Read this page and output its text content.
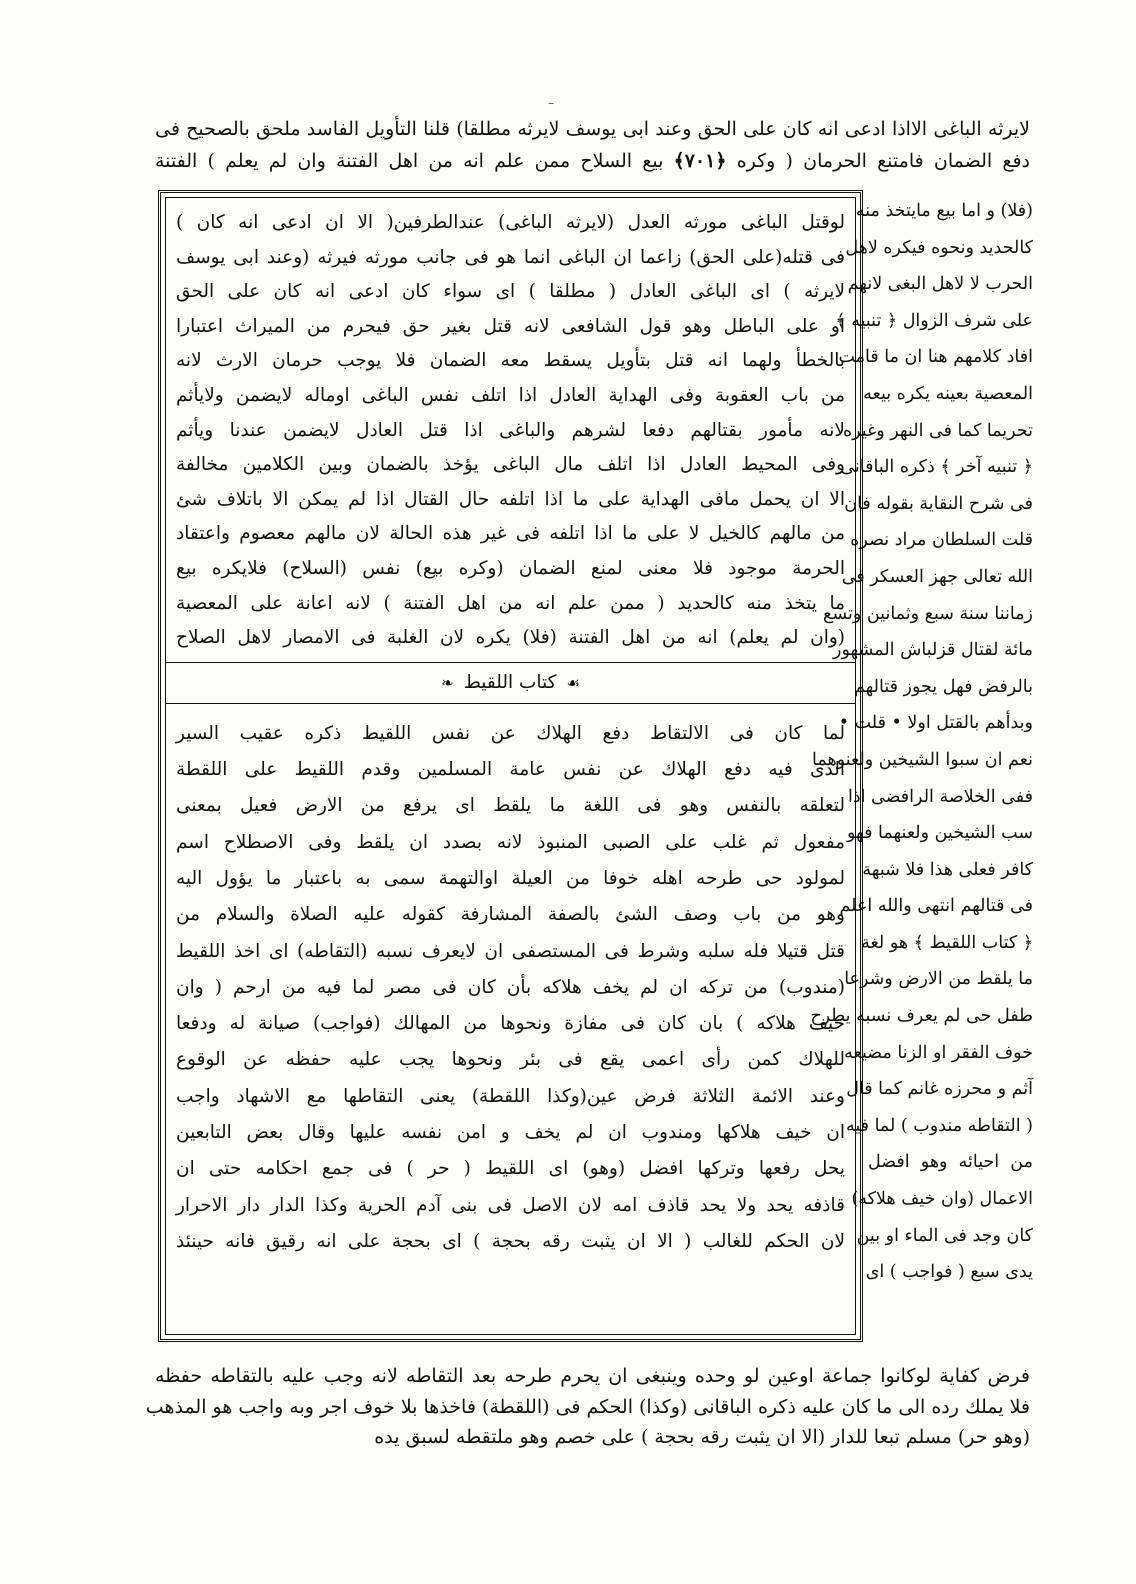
–

لايرثه الباغى الااذا ادعى انه كان على الحق وعند ابى يوسف لايرثه مطلقا) قلنا التأويل الفاسد ملحق بالصحيح فى

دفع الضمان فامتنع الحرمان ( وكره ﴿٧٠١﴾ بيع السلاح ممن علم انه من اهل الفتنة وان لم يعلم ) الفتنة

لوقتل الباغى مورثه العدل (لايرثه الباغى) عندالطرفين( الا ان ادعى انه كان )

فى قتله(على الحق) زاعما ان الباغى انما هو فى جانب مورثه فيرثه (وعند ابى يوسف

لايرثه ) اى الباغى العادل ( مطلقا ) اى سواء كان ادعى انه كان على الحق

او على الباطل وهو قول الشافعى لانه قتل بغير حق فيحرم من الميراث اعتبارا

بالخطأ ولهما انه قتل بتأويل يسقط معه الضمان فلا يوجب حرمان الارث لانه

من باب العقوبة وفى الهداية العادل اذا اتلف نفس الباغى اوماله لايضمن ولايأثم

لانه مأمور بقتالهم دفعا لشرهم والباغى اذا قتل العادل لايضمن عندنا ويأثم

وفى المحيط العادل اذا اتلف مال الباغى يؤخذ بالضمان وبين الكلامين مخالفة

الا ان يحمل مافى الهداية على ما اذا اتلفه حال القتال اذا لم يمكن الا باتلاف شئ

من مالهم كالخيل لا على ما اذا اتلفه فى غير هذه الحالة لان مالهم معصوم واعتقاد

الحرمة موجود فلا معنى لمنع الضمان (وكره بيع) نفس (السلاح) فلايكره بيع

ما يتخذ منه كالحديد ( ممن علم انه من اهل الفتنة ) لانه اعانة على المعصية

(وان لم يعلم) انه من اهل الفتنة (فلا) يكره لان الغلبة فى الامصار لاهل الصلاح

☙
كتاب اللقيط
❧

لما كان فى الالتقاط دفع الهلاك عن نفس اللقيط ذكره عقيب السير

الذى فيه دفع الهلاك عن نفس عامة المسلمين وقدم اللقيط على اللقطة

لتعلقه بالنفس وهو فى اللغة ما يلقط اى يرفع من الارض فعيل بمعنى

مفعول ثم غلب على الصبى المنبوذ لانه بصدد ان يلقط وفى الاصطلاح اسم

لمولود حى طرحه اهله خوفا من العيلة اوالتهمة سمى به باعتبار ما يؤول اليه

وهو من باب وصف الشئ بالصفة المشارفة كقوله عليه الصلاة والسلام من

قتل قتيلا فله سلبه وشرط فى المستصفى ان لايعرف نسبه (التقاطه) اى اخذ اللقيط

(مندوب) من تركه ان لم يخف هلاكه بأن كان فى مصر لما فيه من ارحم ( وان

خيف هلاكه ) بان كان فى مفازة ونحوها من المهالك (فواجب) صيانة له ودفعا

للهلاك كمن رأى اعمى يقع فى بئر ونحوها يجب عليه حفظه عن الوقوع

وعند الائمة الثلاثة فرض عين(وكذا اللقطة) يعنى التقاطها مع الاشهاد واجب

ان خيف هلاكها ومندوب ان لم يخف و امن نفسه عليها وقال بعض التابعين

يحل رفعها وتركها افضل (وهو) اى اللقيط ( حر ) فى جمع احكامه حتى ان

قاذفه يحد ولا يحد قاذف امه لان الاصل فى بنى آدم الحرية وكذا الدار دار الاحرار

لان الحكم للغالب ( الا ان يثبت رقه بحجة ) اى بحجة على انه رقيق فانه حينئذ

(فلا) و اما بيع مايتخذ منه

كالحديد ونحوه فيكره لاهل

الحرب لا لاهل البغى لانهم

على شرف الزوال ﴿ تنبيه ﴾

افاد كلامهم هنا ان ما قامت

المعصية بعينه يكره بيعه

تحريما كما فى النهر وغيره

﴿ تنبيه آخر ﴾ ذكره الباقانى

فى شرح النقاية بقوله فان

قلت السلطان مراد نصره

الله تعالى جهز العسكر فى

زماننا سنة سبع وثمانين وتسع

مائة لقتال قزلباش المشهور

بالرفض فهل يجوز قتالهم

وبدأهم بالقتل اولا • قلت •

نعم ان سبوا الشيخين ولعنوهما

ففى الخلاصة الرافضى اذا

سب الشيخين ولعنهما فهو

كافر فعلى هذا فلا شبهة

فى قتالهم انتهى والله اعلم

﴿ كتاب اللقيط ﴾ هو لغة

ما يلقط من الارض وشرعا

طفل حى لم يعرف نسبه يطرح

خوف الفقر او الزنا مضيعه

آثم و محرزه غانم كما قال

( التقاطه مندوب ) لما فيه

من احيائه وهو افضل

الاعمال (وان خيف هلاكه)

كان وجد فى الماء او بين

يدى سبع ( فواجب ) اى

فرض كفاية لوكانوا جماعة اوعين لو وحده وينبغى ان يحرم طرحه بعد التقاطه لانه وجب عليه بالتقاطه حفظه

فلا يملك رده الى ما كان عليه ذكره الباقانى (وكذا) الحكم فى (اللقطة) فاخذها بلا خوف اجر وبه واجب هو المذهب

(وهو حر) مسلم تبعا للدار (الا ان يثبت رقه بحجة ) على خصم وهو ملتقطه لسبق يده
